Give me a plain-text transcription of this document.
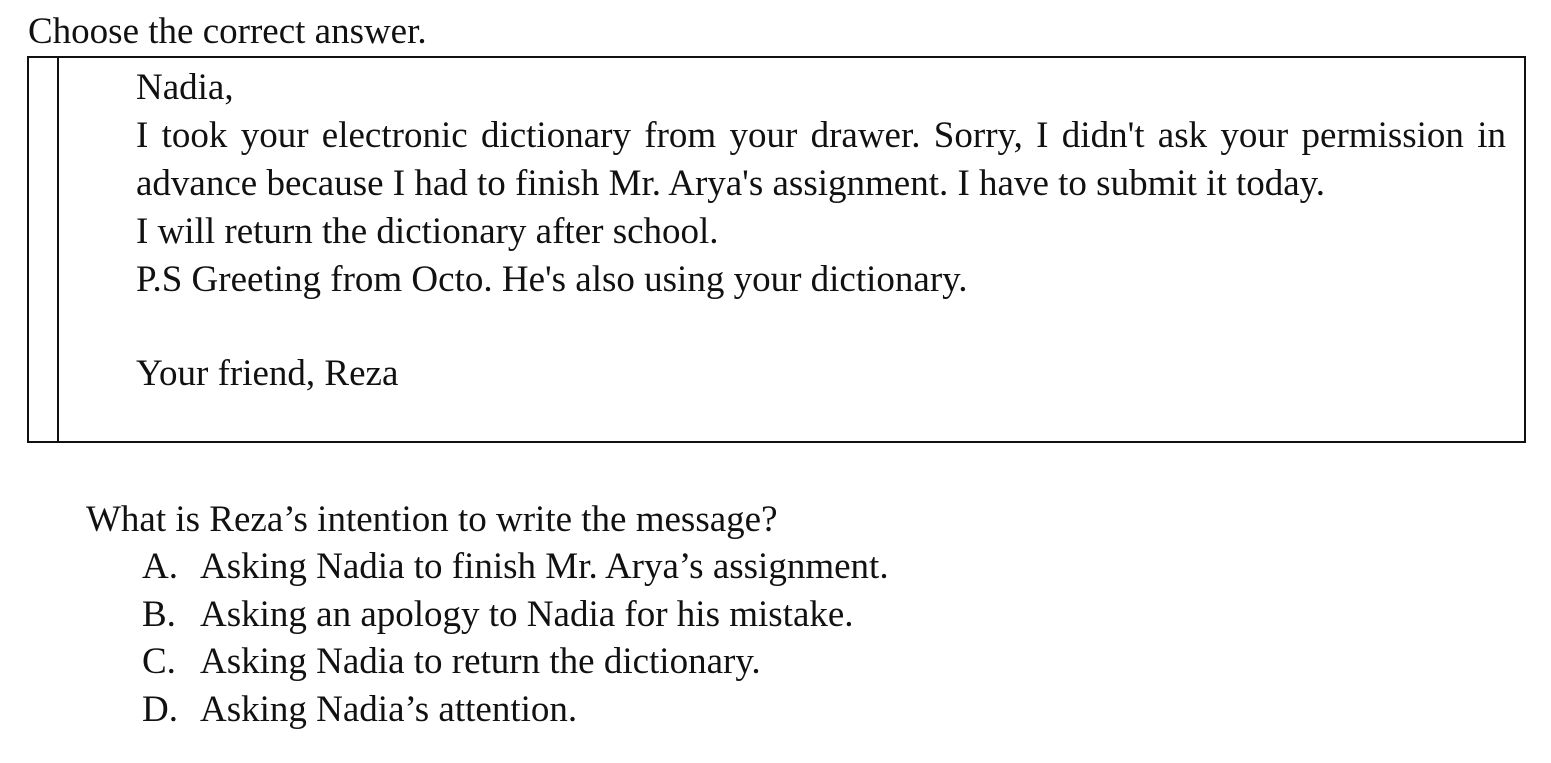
Choose the correct answer.

Nadia,

I took your electronic dictionary from your drawer. Sorry, I didn't ask your permission in advance because I had to finish Mr. Arya's assignment. I have to submit it today.

I will return the dictionary after school.

P.S Greeting from Octo. He's also using your dictionary.

Your friend, Reza

What is Reza’s intention to write the message?
A. Asking Nadia to finish Mr. Arya’s assignment.
B. Asking an apology to Nadia for his mistake.
C. Asking Nadia to return the dictionary.
D. Asking Nadia’s attention.
